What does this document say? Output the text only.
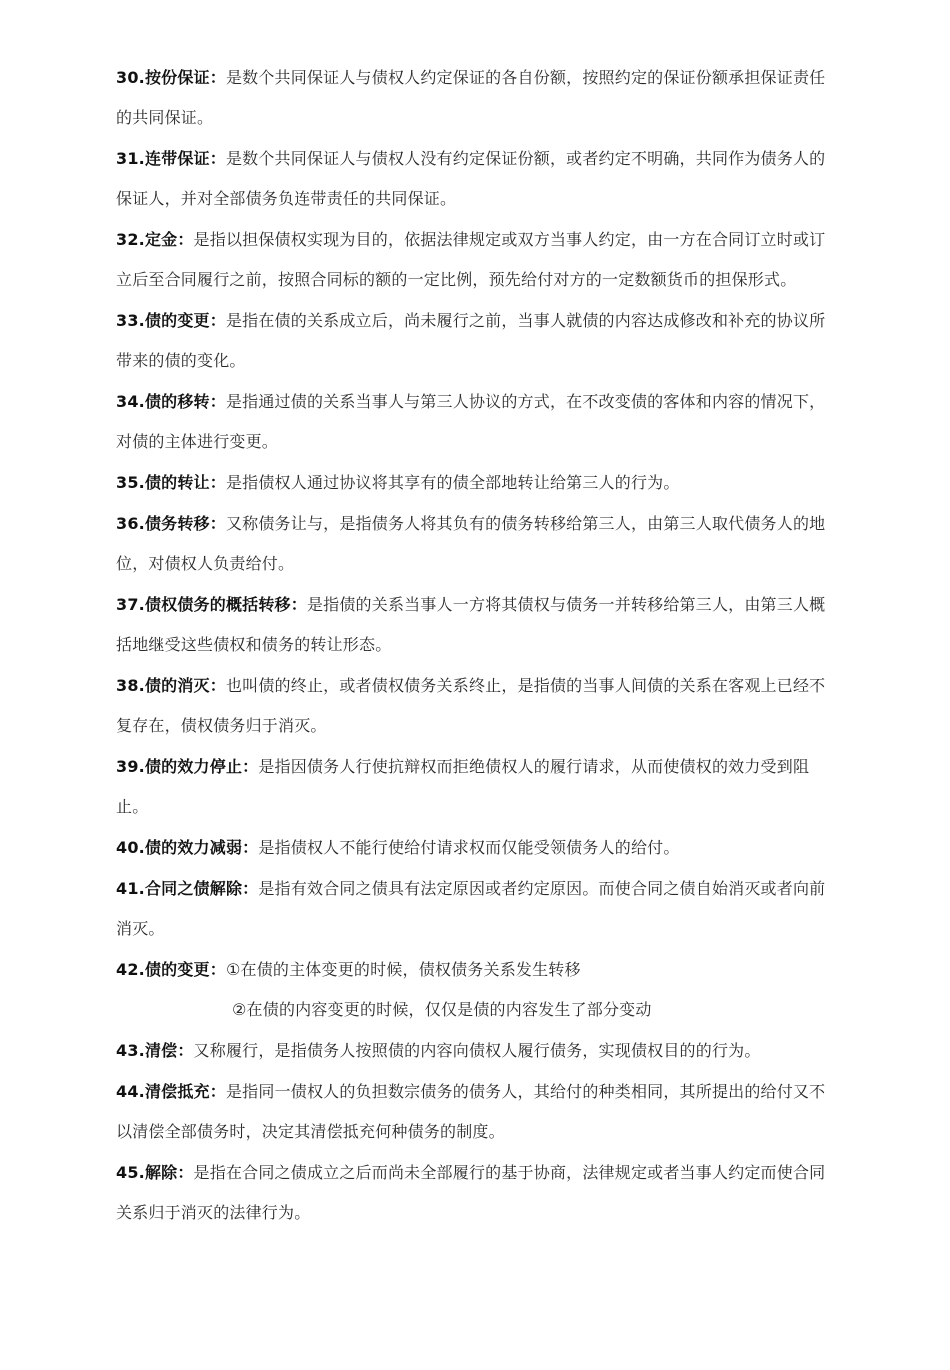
30.按份保证：是数个共同保证人与债权人约定保证的各自份额，按照约定的保证份额承担保证责任的共同保证。
31.连带保证：是数个共同保证人与债权人没有约定保证份额，或者约定不明确，共同作为债务人的保证人，并对全部债务负连带责任的共同保证。
32.定金：是指以担保债权实现为目的，依据法律规定或双方当事人约定，由一方在合同订立时或订立后至合同履行之前，按照合同标的额的一定比例，预先给付对方的一定数额货币的担保形式。
33.债的变更：是指在债的关系成立后，尚未履行之前，当事人就债的内容达成修改和补充的协议所带来的债的变化。
34.债的移转：是指通过债的关系当事人与第三人协议的方式，在不改变债的客体和内容的情况下，对债的主体进行变更。
35.债的转让：是指债权人通过协议将其享有的债全部地转让给第三人的行为。
36.债务转移：又称债务让与，是指债务人将其负有的债务转移给第三人，由第三人取代债务人的地位，对债权人负责给付。
37.债权债务的概括转移：是指债的关系当事人一方将其债权与债务一并转移给第三人，由第三人概括地继受这些债权和债务的转让形态。
38.债的消灭：也叫债的终止，或者债权债务关系终止，是指债的当事人间债的关系在客观上已经不复存在，债权债务归于消灭。
39.债的效力停止：是指因债务人行使抗辩权而拒绝债权人的履行请求，从而使债权的效力受到阻止。
40.债的效力减弱：是指债权人不能行使给付请求权而仅能受领债务人的给付。
41.合同之债解除：是指有效合同之债具有法定原因或者约定原因。而使合同之债自始消灭或者向前消灭。
42.债的变更：①在债的主体变更的时候，债权债务关系发生转移
②在债的内容变更的时候，仅仅是债的内容发生了部分变动
43.清偿：又称履行，是指债务人按照债的内容向债权人履行债务，实现债权目的的行为。
44.清偿抵充：是指同一债权人的负担数宗债务的债务人，其给付的种类相同，其所提出的给付又不以清偿全部债务时，决定其清偿抵充何种债务的制度。
45.解除：是指在合同之债成立之后而尚未全部履行的基于协商，法律规定或者当事人约定而使合同关系归于消灭的法律行为。
